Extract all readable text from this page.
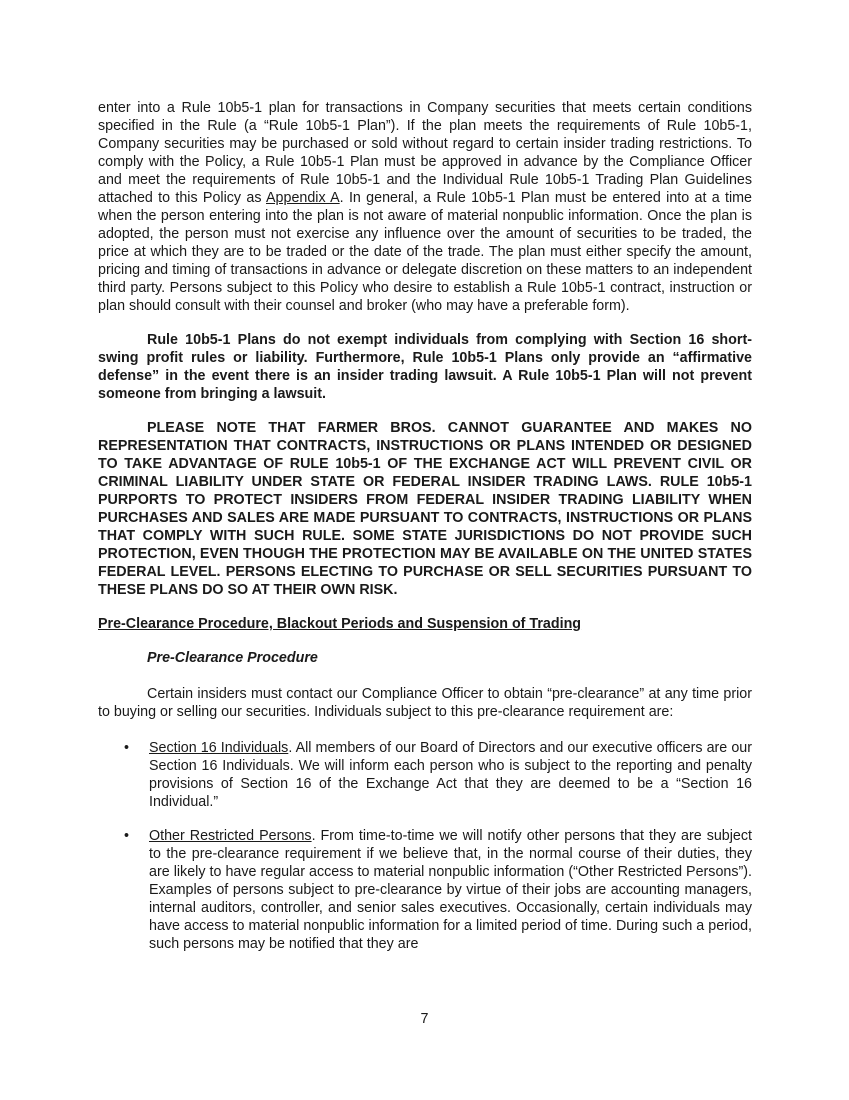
enter into a Rule 10b5-1 plan for transactions in Company securities that meets certain conditions specified in the Rule (a “Rule 10b5-1 Plan”). If the plan meets the requirements of Rule 10b5-1, Company securities may be purchased or sold without regard to certain insider trading restrictions. To comply with the Policy, a Rule 10b5-1 Plan must be approved in advance by the Compliance Officer and meet the requirements of Rule 10b5-1 and the Individual Rule 10b5-1 Trading Plan Guidelines attached to this Policy as Appendix A. In general, a Rule 10b5-1 Plan must be entered into at a time when the person entering into the plan is not aware of material nonpublic information. Once the plan is adopted, the person must not exercise any influence over the amount of securities to be traded, the price at which they are to be traded or the date of the trade. The plan must either specify the amount, pricing and timing of transactions in advance or delegate discretion on these matters to an independent third party. Persons subject to this Policy who desire to establish a Rule 10b5-1 contract, instruction or plan should consult with their counsel and broker (who may have a preferable form).

Rule 10b5-1 Plans do not exempt individuals from complying with Section 16 short-swing profit rules or liability. Furthermore, Rule 10b5-1 Plans only provide an “affirmative defense” in the event there is an insider trading lawsuit. A Rule 10b5-1 Plan will not prevent someone from bringing a lawsuit.

PLEASE NOTE THAT FARMER BROS. CANNOT GUARANTEE AND MAKES NO REPRESENTATION THAT CONTRACTS, INSTRUCTIONS OR PLANS INTENDED OR DESIGNED TO TAKE ADVANTAGE OF RULE 10b5-1 OF THE EXCHANGE ACT WILL PREVENT CIVIL OR CRIMINAL LIABILITY UNDER STATE OR FEDERAL INSIDER TRADING LAWS. RULE 10b5-1 PURPORTS TO PROTECT INSIDERS FROM FEDERAL INSIDER TRADING LIABILITY WHEN PURCHASES AND SALES ARE MADE PURSUANT TO CONTRACTS, INSTRUCTIONS OR PLANS THAT COMPLY WITH SUCH RULE. SOME STATE JURISDICTIONS DO NOT PROVIDE SUCH PROTECTION, EVEN THOUGH THE PROTECTION MAY BE AVAILABLE ON THE UNITED STATES FEDERAL LEVEL. PERSONS ELECTING TO PURCHASE OR SELL SECURITIES PURSUANT TO THESE PLANS DO SO AT THEIR OWN RISK.

Pre-Clearance Procedure, Blackout Periods and Suspension of Trading
Pre-Clearance Procedure

Certain insiders must contact our Compliance Officer to obtain “pre-clearance” at any time prior to buying or selling our securities. Individuals subject to this pre-clearance requirement are:

• Section 16 Individuals. All members of our Board of Directors and our executive officers are our Section 16 Individuals. We will inform each person who is subject to the reporting and penalty provisions of Section 16 of the Exchange Act that they are deemed to be a “Section 16 Individual.”
• Other Restricted Persons. From time-to-time we will notify other persons that they are subject to the pre-clearance requirement if we believe that, in the normal course of their duties, they are likely to have regular access to material nonpublic information (“Other Restricted Persons”). Examples of persons subject to pre-clearance by virtue of their jobs are accounting managers, internal auditors, controller, and senior sales executives. Occasionally, certain individuals may have access to material nonpublic information for a limited period of time. During such a period, such persons may be notified that they are
7
